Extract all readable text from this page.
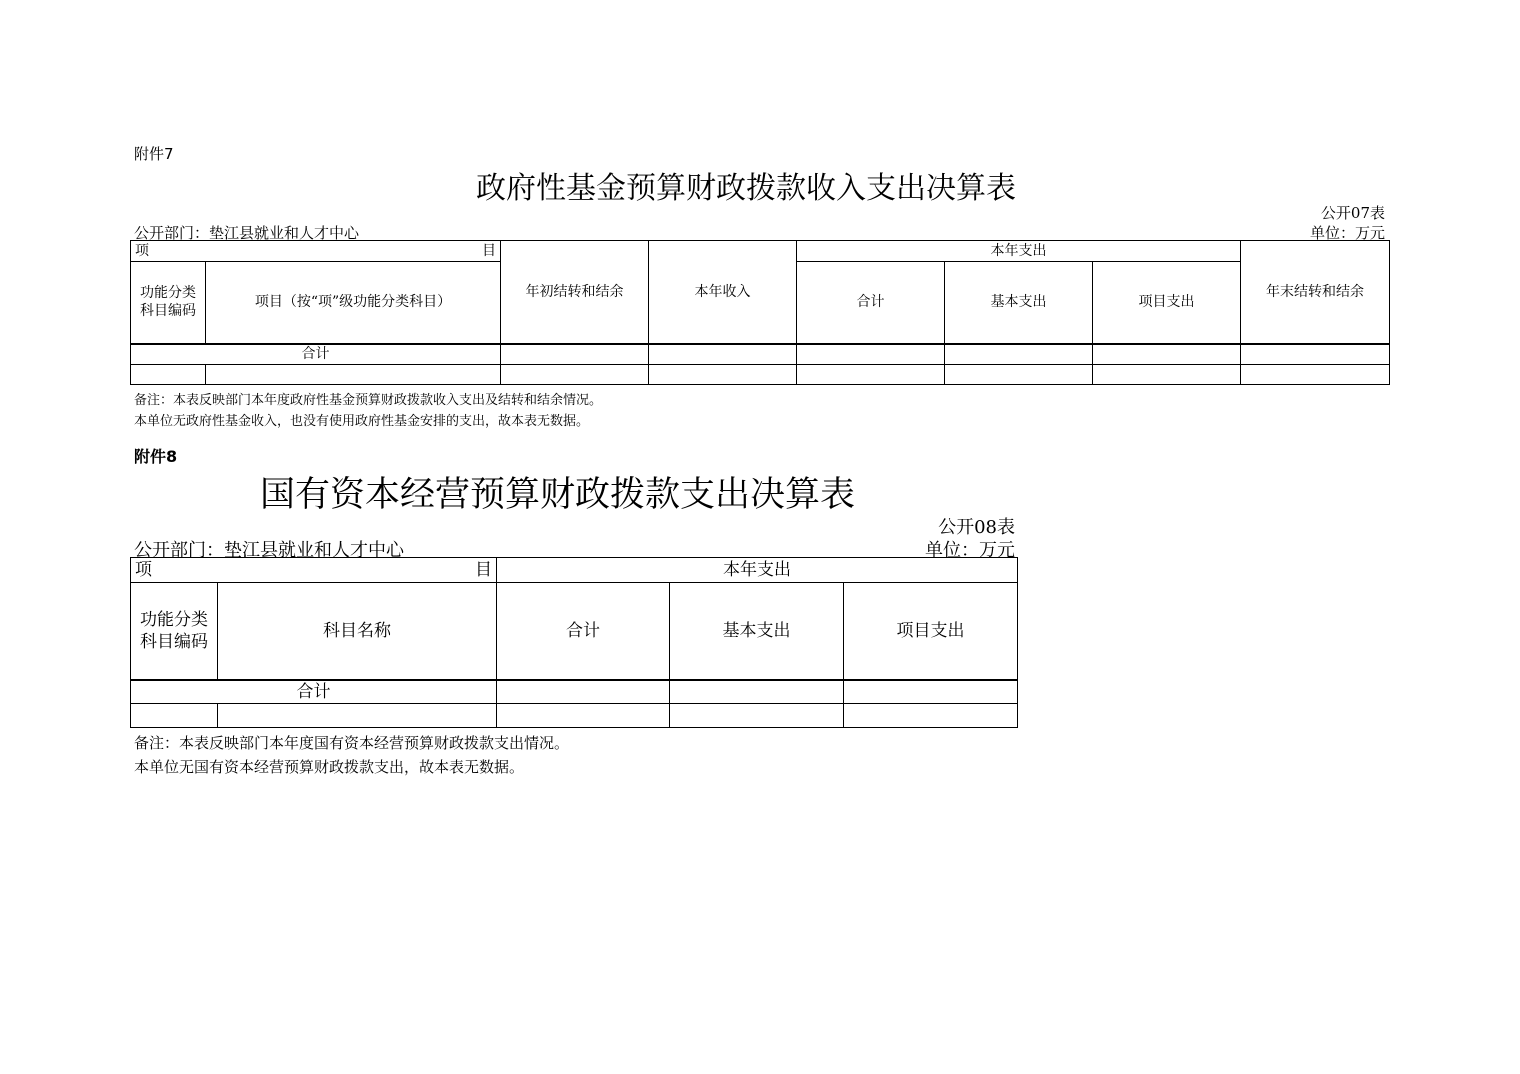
附件7
政府性基金预算财政拨款收入支出决算表
公开07表
公开部门：垫江县就业和人才中心	单位：万元
项 目		年初结转和结余	本年收入	本年支出			年末结转和结余
功能分类科目编码	项目（按“项”级功能分类科目）			合计	基本支出	项目支出	
合计							

备注：本表反映部门本年度政府性基金预算财政拨款收入支出及结转和结余情况。
本单位无政府性基金收入，也没有使用政府性基金安排的支出，故本表无数据。
附件8
国有资本经营预算财政拨款支出决算表
公开08表
公开部门：垫江县就业和人才中心	单位：万元
项 目		本年支出		
功能分类科目编码	科目名称	合计	基本支出	项目支出
合计				

备注：本表反映部门本年度国有资本经营预算财政拨款支出情况。
本单位无国有资本经营预算财政拨款支出，故本表无数据。
